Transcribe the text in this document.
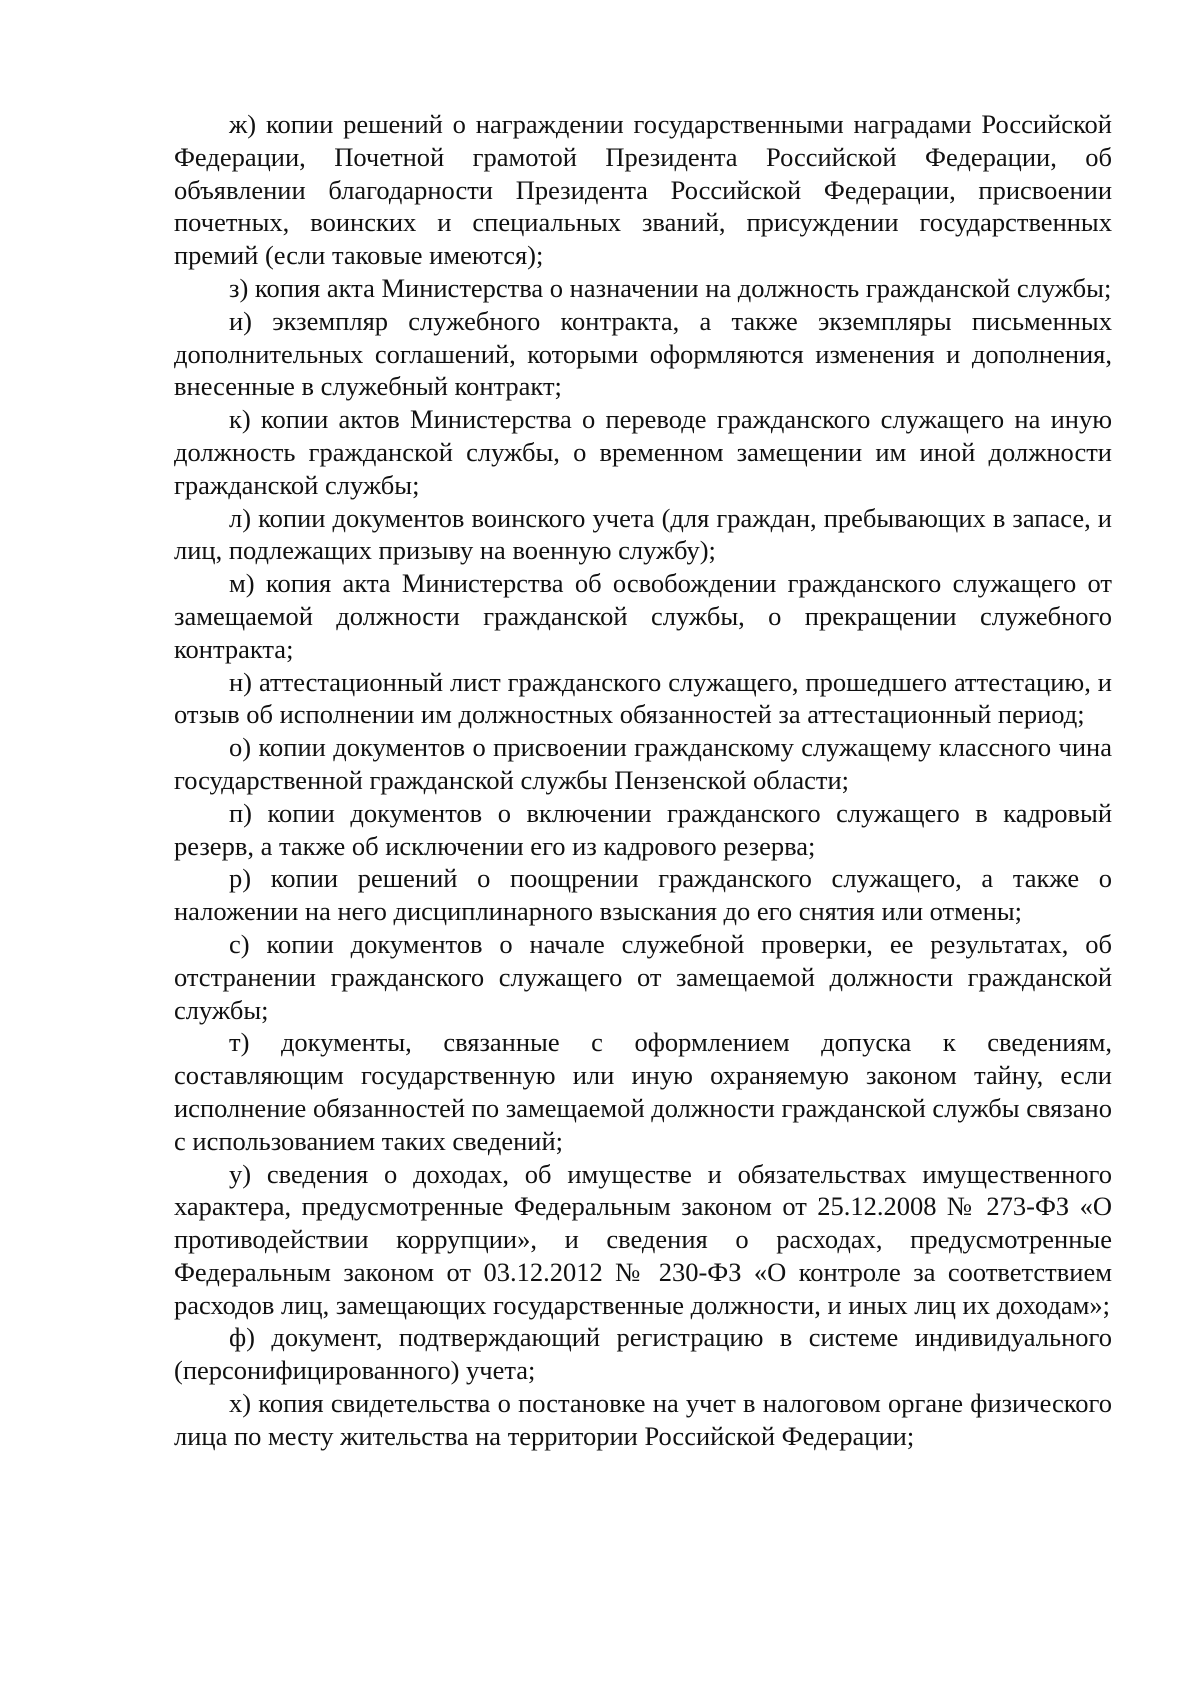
ж) копии решений о награждении государственными наградами Российской Федерации, Почетной грамотой Президента Российской Федерации, об объявлении благодарности Президента Российской Федерации, присвоении почетных, воинских и специальных званий, присуждении государственных премий (если таковые имеются);

з) копия акта Министерства о назначении на должность гражданской службы;

и) экземпляр служебного контракта, а также экземпляры письменных дополнительных соглашений, которыми оформляются изменения и дополнения, внесенные в служебный контракт;

к) копии актов Министерства о переводе гражданского служащего на иную должность гражданской службы, о временном замещении им иной должности гражданской службы;

л) копии документов воинского учета (для граждан, пребывающих в запасе, и лиц, подлежащих призыву на военную службу);

м) копия акта Министерства об освобождении гражданского служащего от замещаемой должности гражданской службы, о прекращении служебного контракта;

н) аттестационный лист гражданского служащего, прошедшего аттестацию, и отзыв об исполнении им должностных обязанностей за аттестационный период;

о) копии документов о присвоении гражданскому служащему классного чина государственной гражданской службы Пензенской области;

п) копии документов о включении гражданского служащего в кадровый резерв, а также об исключении его из кадрового резерва;

р) копии решений о поощрении гражданского служащего, а также о наложении на него дисциплинарного взыскания до его снятия или отмены;

с) копии документов о начале служебной проверки, ее результатах, об отстранении гражданского служащего от замещаемой должности гражданской службы;

т) документы, связанные с оформлением допуска к сведениям, составляющим государственную или иную охраняемую законом тайну, если исполнение обязанностей по замещаемой должности гражданской службы связано с использованием таких сведений;

у) сведения о доходах, об имуществе и обязательствах имущественного характера, предусмотренные Федеральным законом от 25.12.2008 № 273-ФЗ «О противодействии коррупции», и сведения о расходах, предусмотренные Федеральным законом от 03.12.2012 № 230-ФЗ «О контроле за соответствием расходов лиц, замещающих государственные должности, и иных лиц их доходам»;

ф) документ, подтверждающий регистрацию в системе индивидуального (персонифицированного) учета;

х) копия свидетельства о постановке на учет в налоговом органе физического лица по месту жительства на территории Российской Федерации;
